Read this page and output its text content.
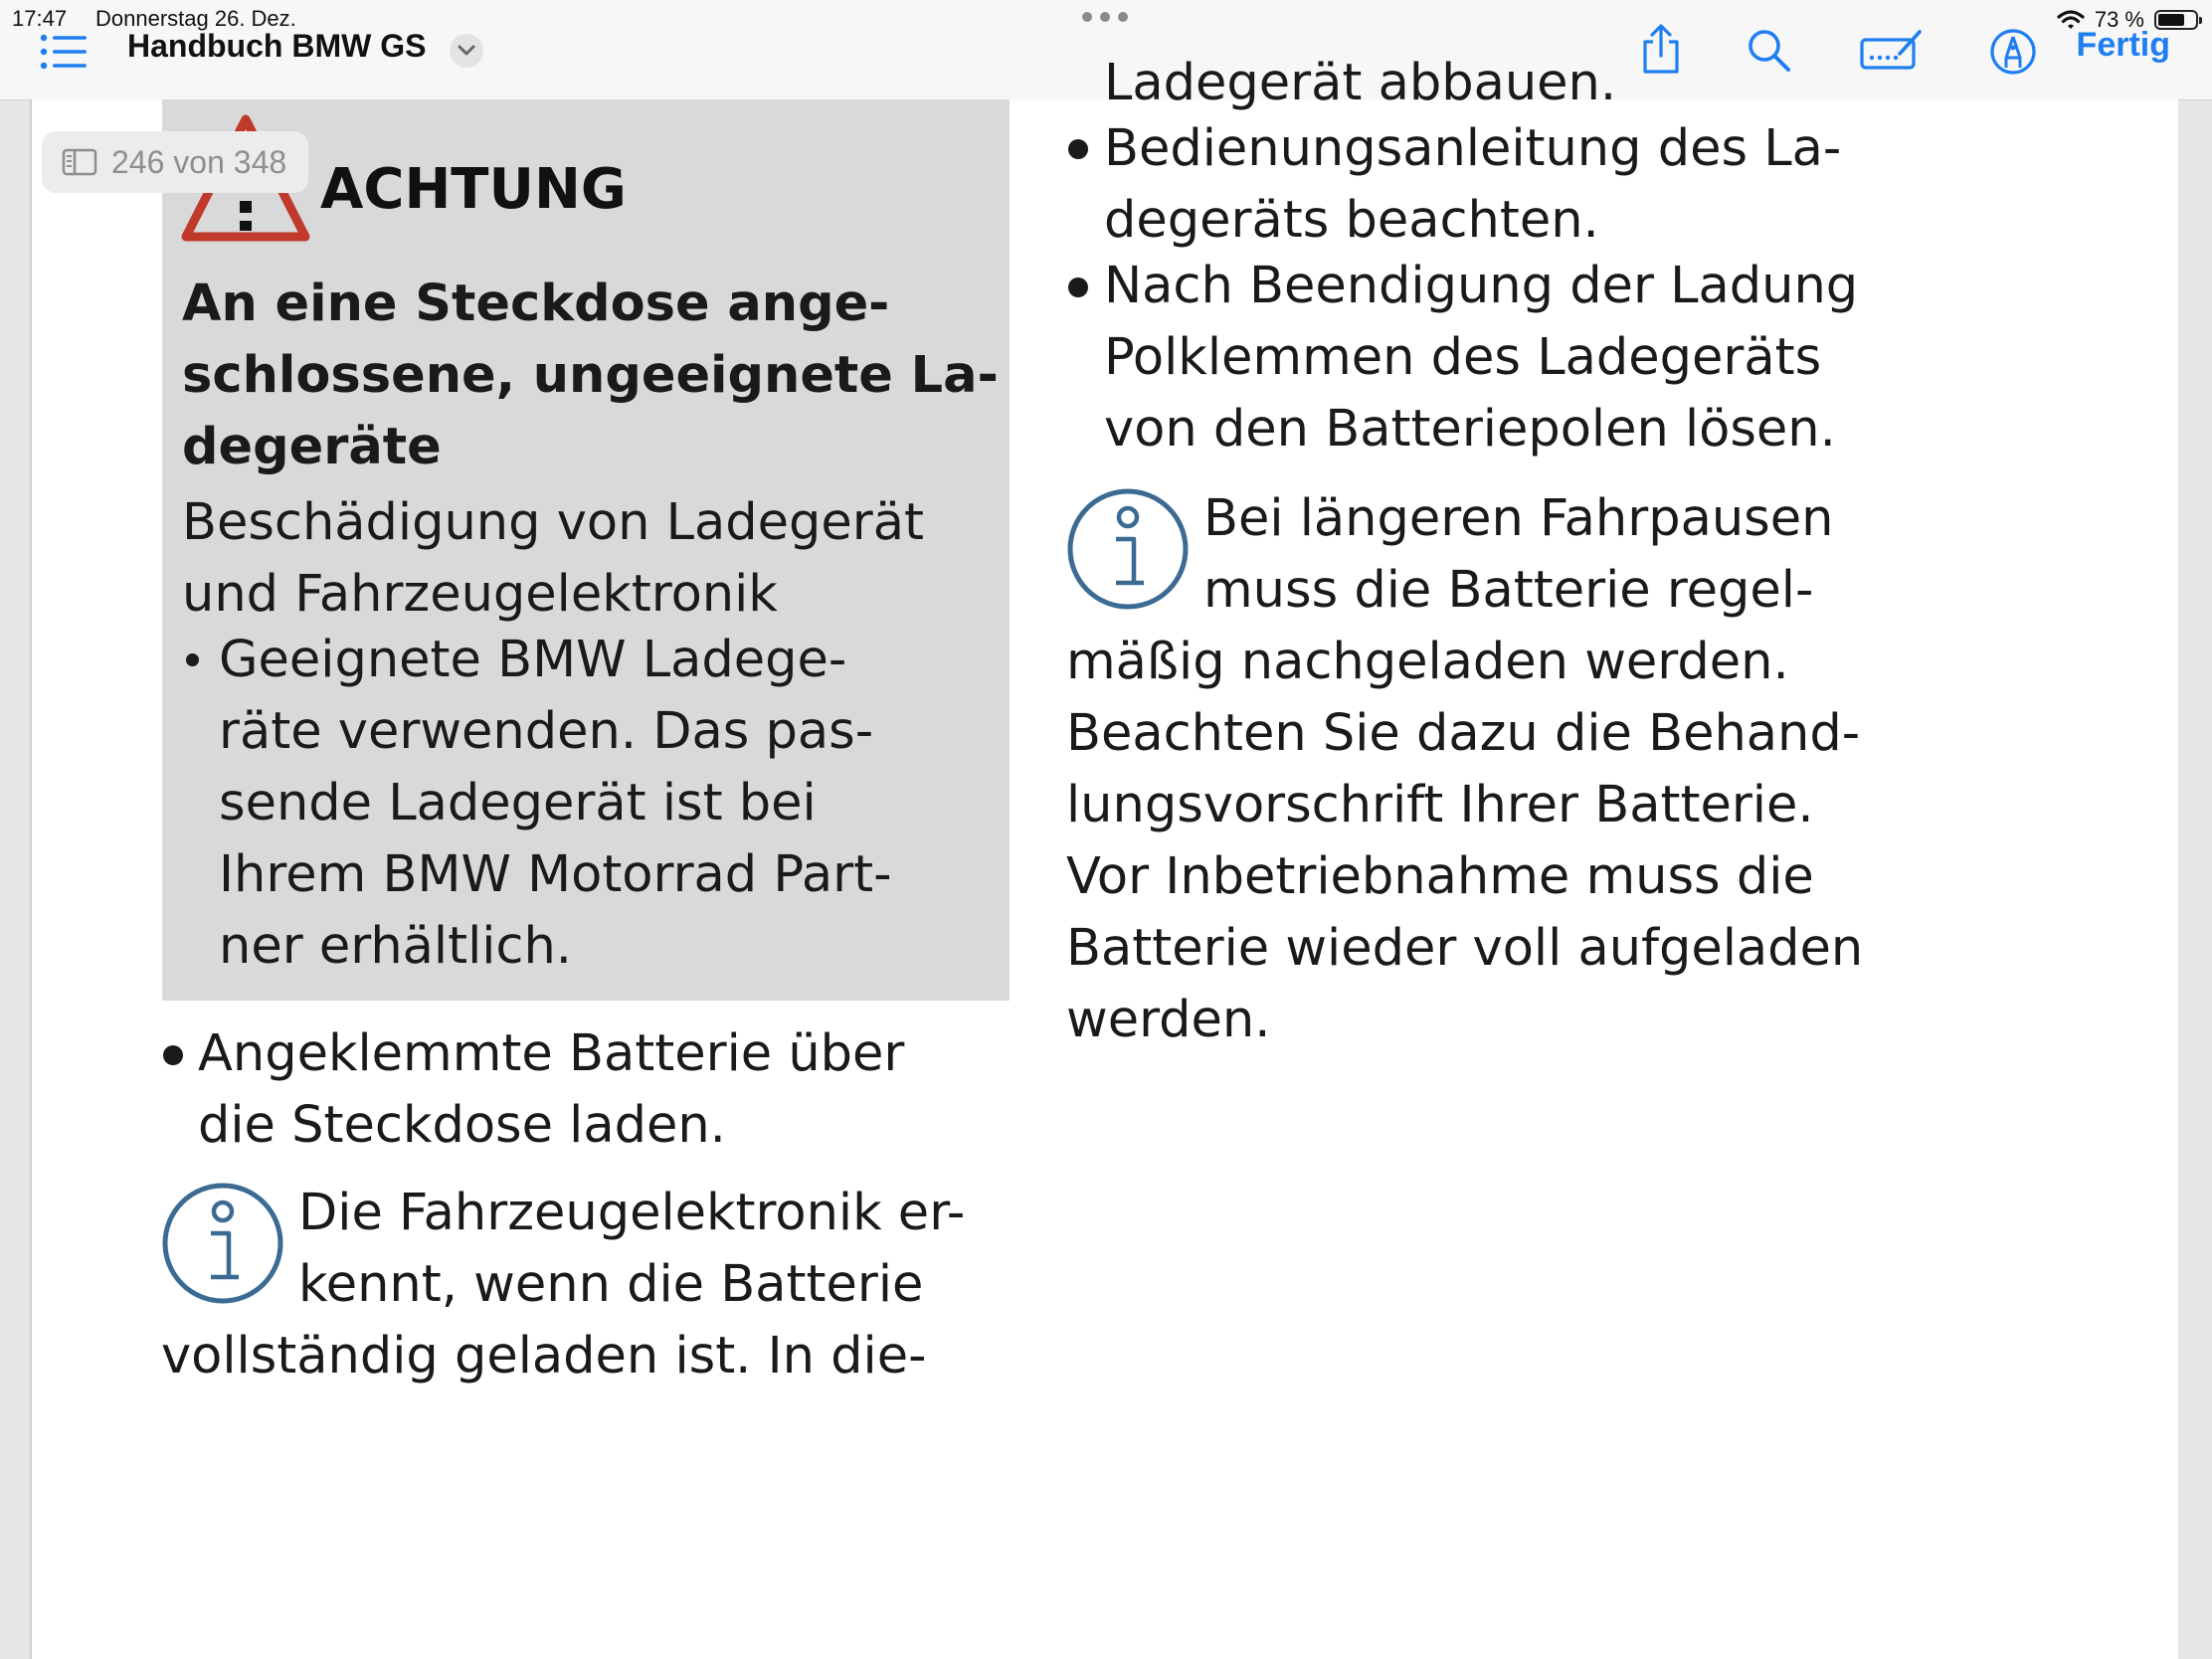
17:47 Donnerstag 26. Dez.	73 %
Handbuch BMW GS	Fertig
246 von 348 ACHTUNG
An eine Steckdose ange-
schlossene, ungeeignete La-
degeräte
Beschädigung von Ladegerät
und Fahrzeugelektronik
Geeignete BMW Ladege-
räte verwenden. Das pas-
sende Ladegerät ist bei
Ihrem BMW Motorrad Part-
ner erhältlich.
Angeklemmte Batterie über
die Steckdose laden.
Die Fahrzeugelektronik er-
kennt, wenn die Batterie
vollständig geladen ist. In die-
Ladegerät abbauen.
Bedienungsanleitung des La-
degeräts beachten.
Nach Beendigung der Ladung
Polklemmen des Ladegeräts
von den Batteriepolen lösen.
Bei längeren Fahrpausen
muss die Batterie regel-
mäßig nachgeladen werden.
Beachten Sie dazu die Behand-
lungsvorschrift Ihrer Batterie.
Vor Inbetriebnahme muss die
Batterie wieder voll aufgeladen
werden.
